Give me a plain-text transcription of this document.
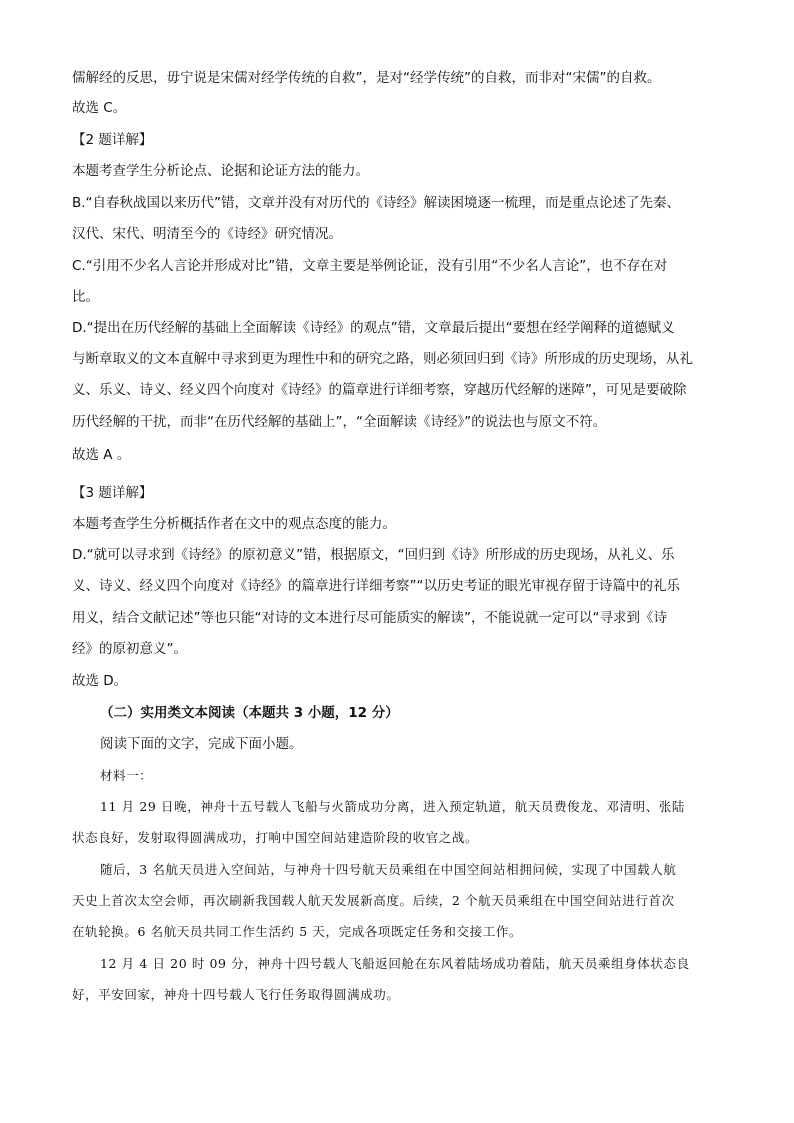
儒解经的反思，毋宁说是宋儒对经学传统的自救”，是对“经学传统”的自救，而非对“宋儒”的自救。
故选 C。
【2 题详解】
本题考查学生分析论点、论据和论证方法的能力。
B.“自春秋战国以来历代”错，文章并没有对历代的《诗经》解读困境逐一梳理，而是重点论述了先秦、
汉代、宋代、明清至今的《诗经》研究情况。
C.“引用不少名人言论并形成对比”错，文章主要是举例论证，没有引用“不少名人言论”，也不存在对
比。
D.“提出在历代经解的基础上全面解读《诗经》的观点”错，文章最后提出“要想在经学阐释的道德赋义
与断章取义的文本直解中寻求到更为理性中和的研究之路，则必须回归到《诗》所形成的历史现场，从礼
义、乐义、诗义、经义四个向度对《诗经》的篇章进行详细考察，穿越历代经解的迷障”，可见是要破除
历代经解的干扰，而非“在历代经解的基础上”，“全面解读《诗经》”的说法也与原文不符。
故选 A 。
【3 题详解】
本题考查学生分析概括作者在文中的观点态度的能力。
D.“就可以寻求到《诗经》的原初意义”错，根据原文，“回归到《诗》所形成的历史现场，从礼义、乐
义、诗义、经义四个向度对《诗经》的篇章进行详细考察”“以历史考证的眼光审视存留于诗篇中的礼乐
用义，结合文献记述”等也只能“对诗的文本进行尽可能质实的解读”，不能说就一定可以“寻求到《诗
经》的原初意义”。
故选 D。
（二）实用类文本阅读（本题共 3 小题，12 分）
阅读下面的文字，完成下面小题。
材料一：
11 月 29 日晚，神舟十五号载人飞船与火箭成功分离，进入预定轨道，航天员费俊龙、邓清明、张陆
状态良好，发射取得圆满成功，打响中国空间站建造阶段的收官之战。
随后，3 名航天员进入空间站，与神舟十四号航天员乘组在中国空间站相拥问候，实现了中国载人航
天史上首次太空会师，再次刷新我国载人航天发展新高度。后续，2 个航天员乘组在中国空间站进行首次
在轨轮换。6 名航天员共同工作生活约 5 天，完成各项既定任务和交接工作。
12 月 4 日 20 时 09 分，神舟十四号载人飞船返回舱在东风着陆场成功着陆，航天员乘组身体状态良
好，平安回家，神舟十四号载人飞行任务取得圆满成功。
